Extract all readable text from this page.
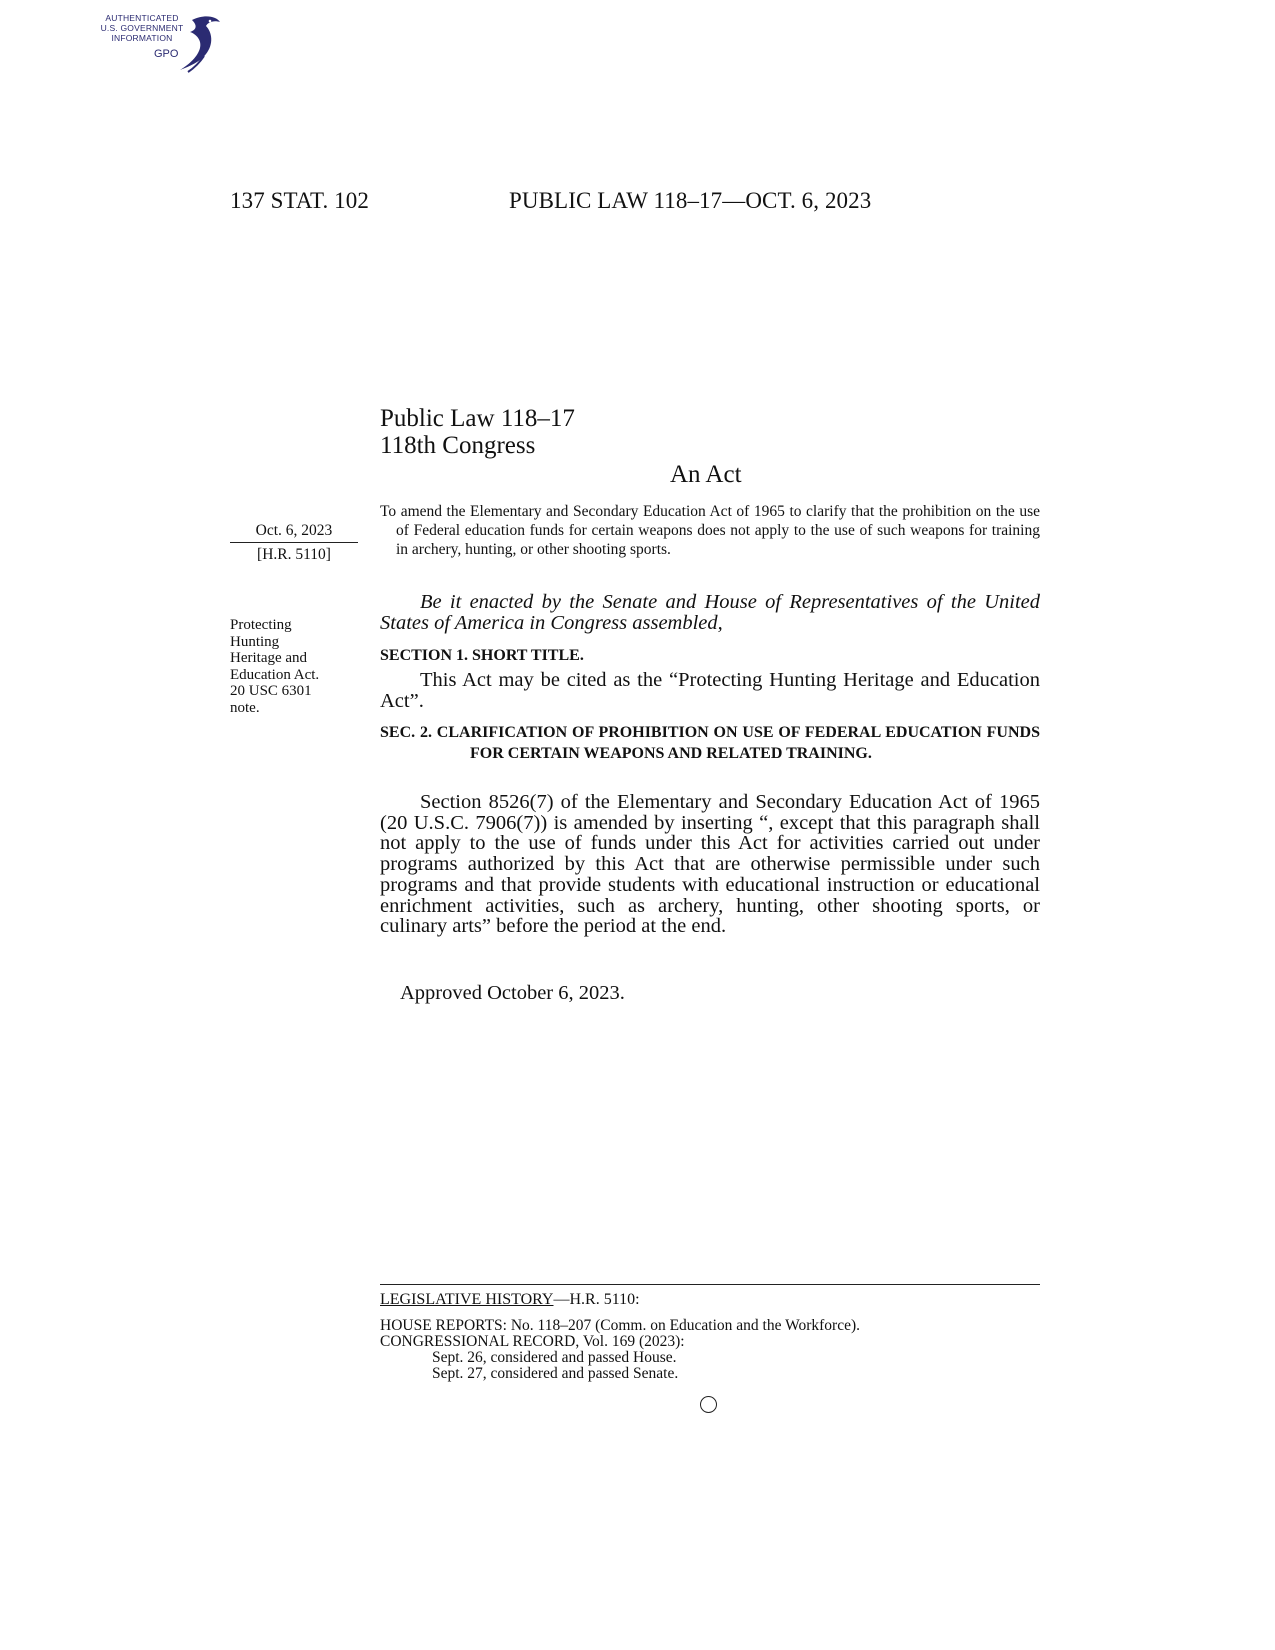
AUTHENTICATED
U.S. GOVERNMENT
INFORMATION
GPO
137 STAT. 102	PUBLIC LAW 118–17—OCT. 6, 2023
Public Law 118–17
118th Congress
An Act
Oct. 6, 2023
[H.R. 5110]
Protecting
Hunting
Heritage and
Education Act.
20 USC 6301
note.
To amend the Elementary and Secondary Education Act of 1965 to clarify that the prohibition on the use of Federal education funds for certain weapons does not apply to the use of such weapons for training in archery, hunting, or other shooting sports.
Be it enacted by the Senate and House of Representatives of the United States of America in Congress assembled,
SECTION 1. SHORT TITLE.
This Act may be cited as the “Protecting Hunting Heritage and Education Act”.
SEC. 2. CLARIFICATION OF PROHIBITION ON USE OF FEDERAL EDUCATION FUNDS FOR CERTAIN WEAPONS AND RELATED TRAINING.
Section 8526(7) of the Elementary and Secondary Education Act of 1965 (20 U.S.C. 7906(7)) is amended by inserting “, except that this paragraph shall not apply to the use of funds under this Act for activities carried out under programs authorized by this Act that are otherwise permissible under such programs and that provide students with educational instruction or educational enrichment activities, such as archery, hunting, other shooting sports, or culinary arts” before the period at the end.
Approved October 6, 2023.
LEGISLATIVE HISTORY—H.R. 5110:
HOUSE REPORTS: No. 118–207 (Comm. on Education and the Workforce).
CONGRESSIONAL RECORD, Vol. 169 (2023):
Sept. 26, considered and passed House.
Sept. 27, considered and passed Senate.
